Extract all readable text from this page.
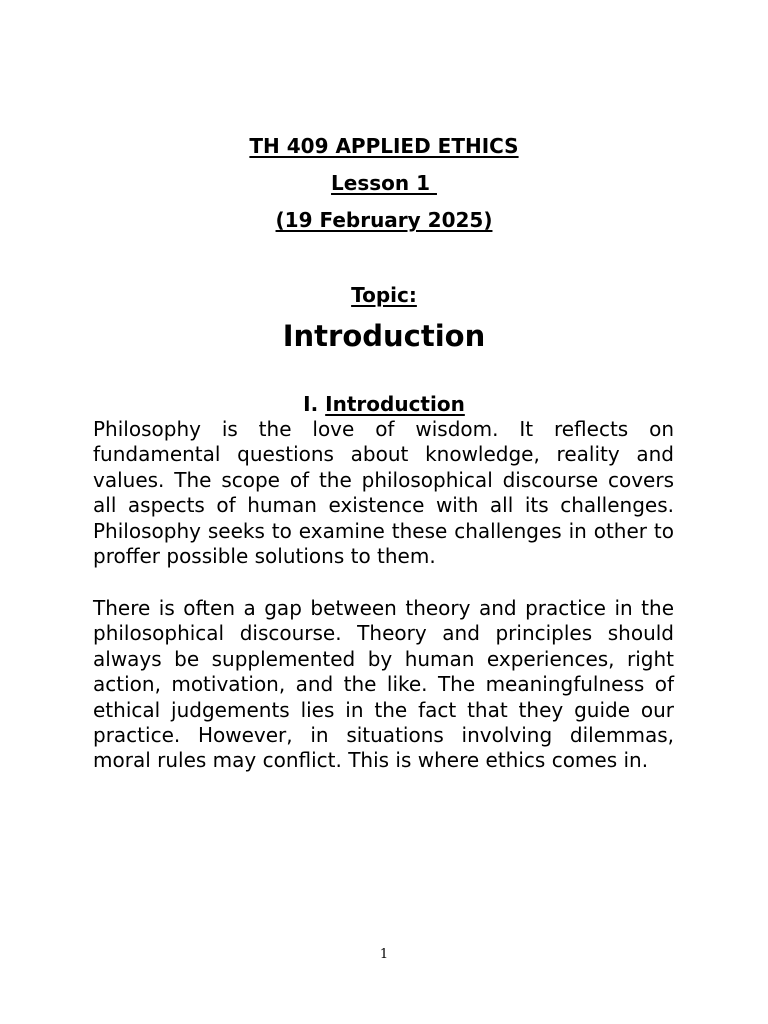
TH 409 APPLIED ETHICS
Lesson 1
(19 February 2025)
Topic:
Introduction
I. Introduction
Philosophy is the love of wisdom. It reflects on fundamental questions about knowledge, reality and values. The scope of the philosophical discourse covers all aspects of human existence with all its challenges. Philosophy seeks to examine these challenges in other to proffer possible solutions to them.
There is often a gap between theory and practice in the philosophical discourse. Theory and principles should always be supplemented by human experiences, right action, motivation, and the like. The meaningfulness of ethical judgements lies in the fact that they guide our practice. However, in situations involving dilemmas, moral rules may conflict. This is where ethics comes in.
1
